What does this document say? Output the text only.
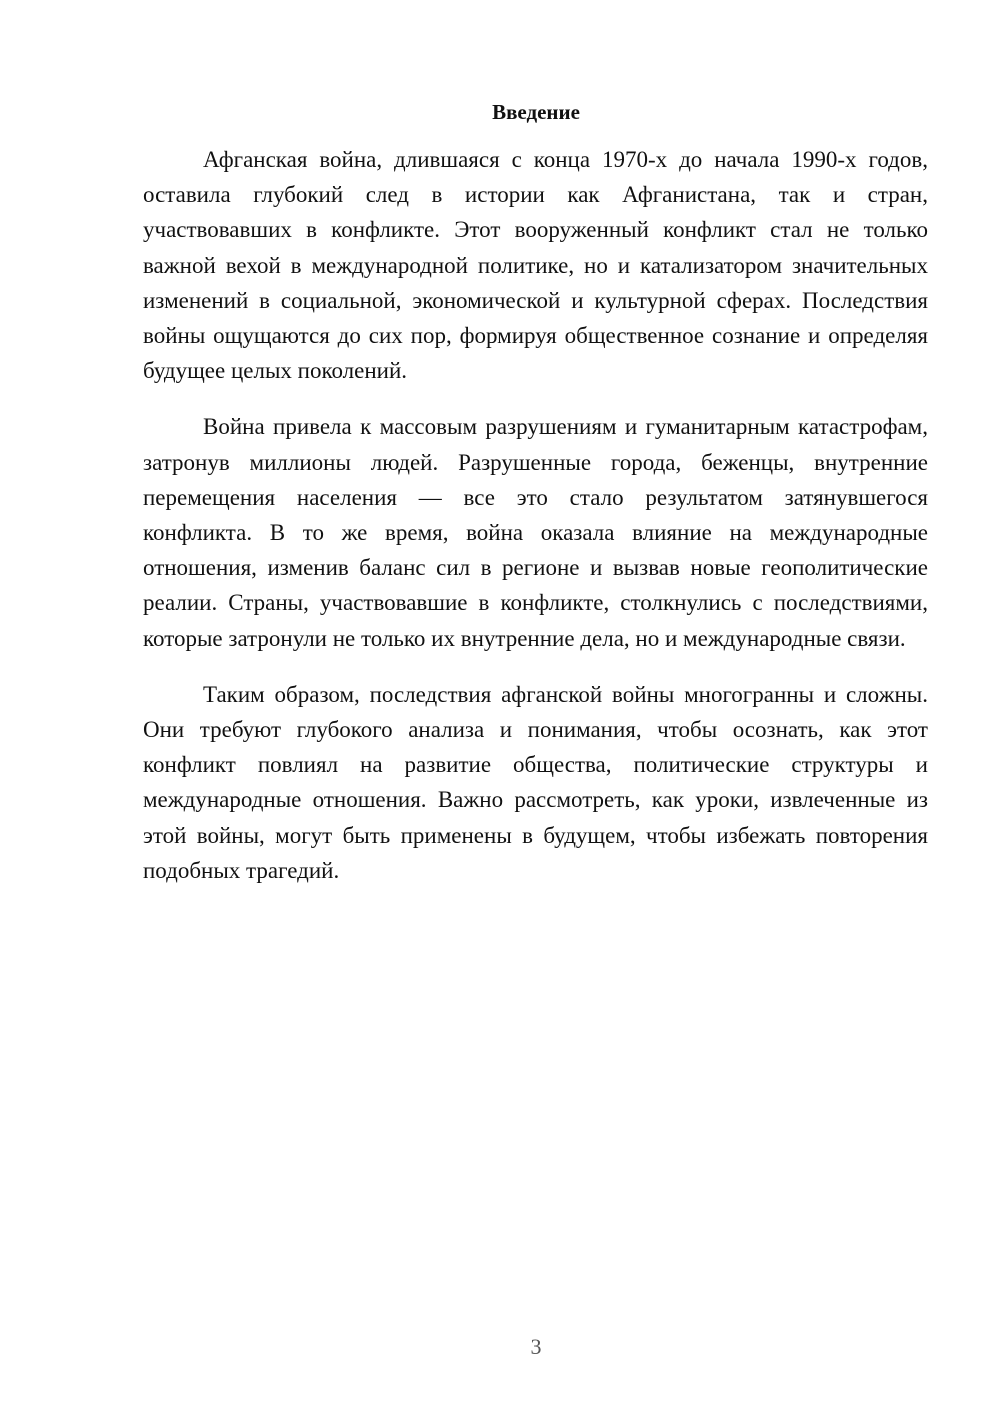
Введение

Афганская война, длившаяся с конца 1970-х до начала 1990-х годов, оставила глубокий след в истории как Афганистана, так и стран, участвовавших в конфликте. Этот вооруженный конфликт стал не только важной вехой в международной политике, но и катализатором значительных изменений в социальной, экономической и культурной сферах. Последствия войны ощущаются до сих пор, формируя общественное сознание и определяя будущее целых поколений.

Война привела к массовым разрушениям и гуманитарным катастрофам, затронув миллионы людей. Разрушенные города, беженцы, внутренние перемещения населения — все это стало результатом затянувшегося конфликта. В то же время, война оказала влияние на международные отношения, изменив баланс сил в регионе и вызвав новые геополитические реалии. Страны, участвовавшие в конфликте, столкнулись с последствиями, которые затронули не только их внутренние дела, но и международные связи.

Таким образом, последствия афганской войны многогранны и сложны. Они требуют глубокого анализа и понимания, чтобы осознать, как этот конфликт повлиял на развитие общества, политические структуры и международные отношения. Важно рассмотреть, как уроки, извлеченные из этой войны, могут быть применены в будущем, чтобы избежать повторения подобных трагедий.

3
